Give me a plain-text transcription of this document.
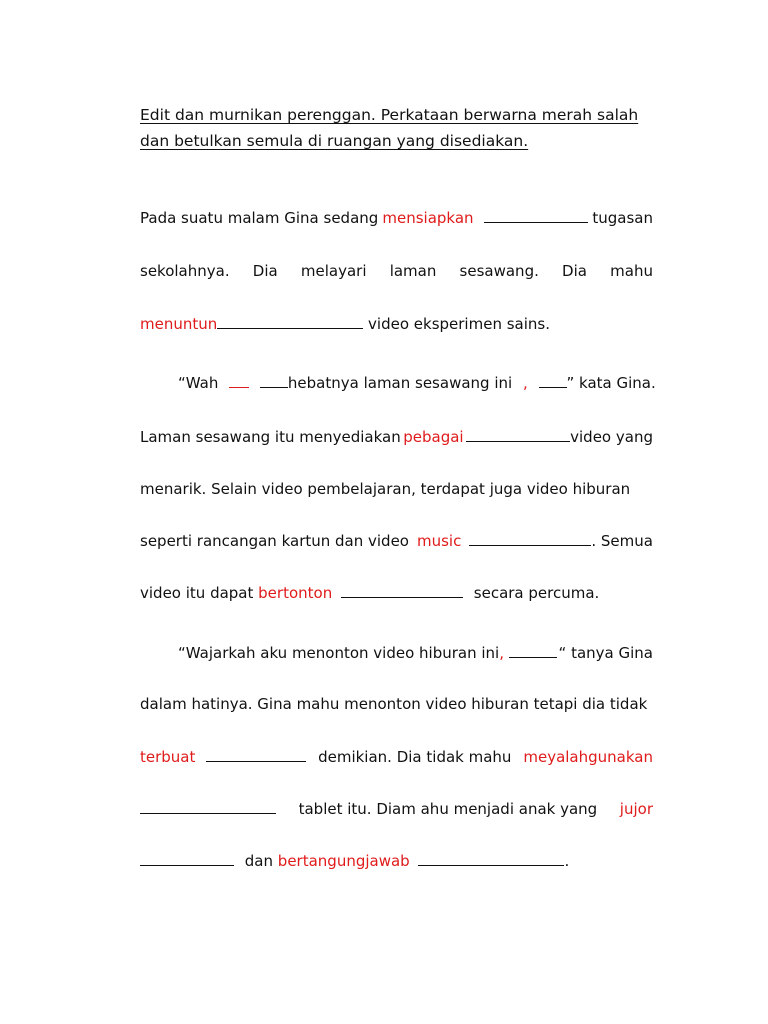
Edit dan murnikan perenggan. Perkataan berwarna merah salah
dan betulkan semula di ruangan yang disediakan.
Pada suatu malam Gina sedang mensiapkan	tugasan
sekolahnya. Dia melayari laman sesawang. Dia mahu
menuntun	video eksperimen sains.
“Wah	hebatnya laman sesawang ini ,	” kata Gina.
Laman sesawang itu menyediakan pebagai	video yang
menarik. Selain video pembelajaran, terdapat juga video hiburan
seperti rancangan kartun dan video music	. Semua
video itu dapat bertonton	secara percuma.
“Wajarkah aku menonton video hiburan ini,	“ tanya Gina
dalam hatinya. Gina mahu menonton video hiburan tetapi dia tidak
terbuat	demikian. Dia tidak mahu meyalahgunakan
tablet itu. Diam ahu menjadi anak yang jujor
dan bertangungjawab	.
